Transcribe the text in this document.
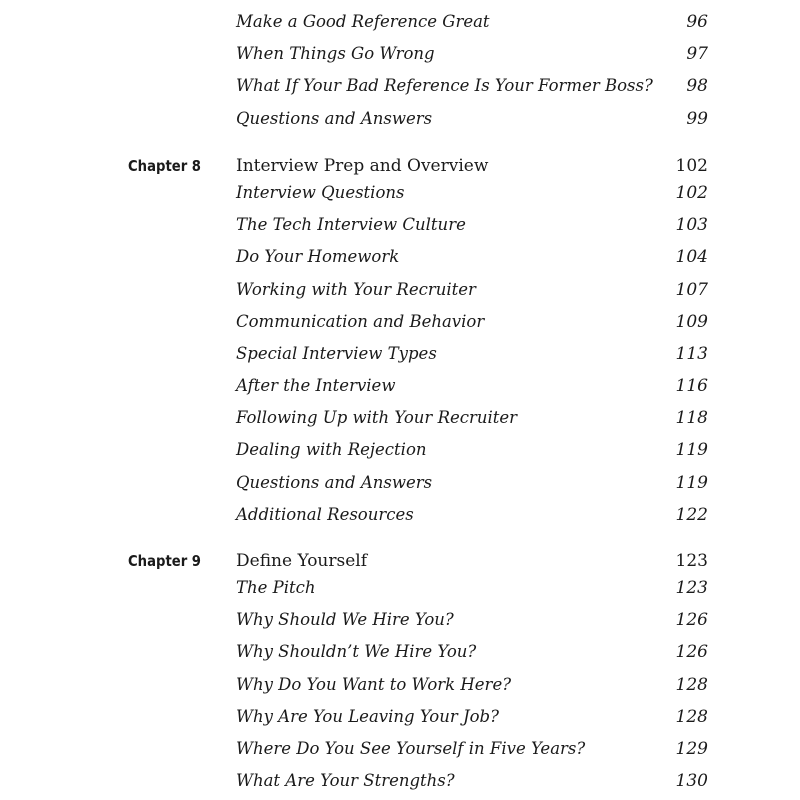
Make a Good Reference Great	96
When Things Go Wrong	97
What If Your Bad Reference Is Your Former Boss? 98
Questions and Answers	99
Chapter 8 Interview Prep and Overview	102
Interview Questions	102
The Tech Interview Culture	103
Do Your Homework	104
Working with Your Recruiter	107
Communication and Behavior	109
Special Interview Types	113
After the Interview	116
Following Up with Your Recruiter	118
Dealing with Rejection	119
Questions and Answers	119
Additional Resources	122
Chapter 9 Define Yourself	123
The Pitch	123
Why Should We Hire You?	126
Why Shouldn’t We Hire You?	126
Why Do You Want to Work Here?	128
Why Are You Leaving Your Job?	128
Where Do You See Yourself in Five Years?	129
What Are Your Strengths?	130
